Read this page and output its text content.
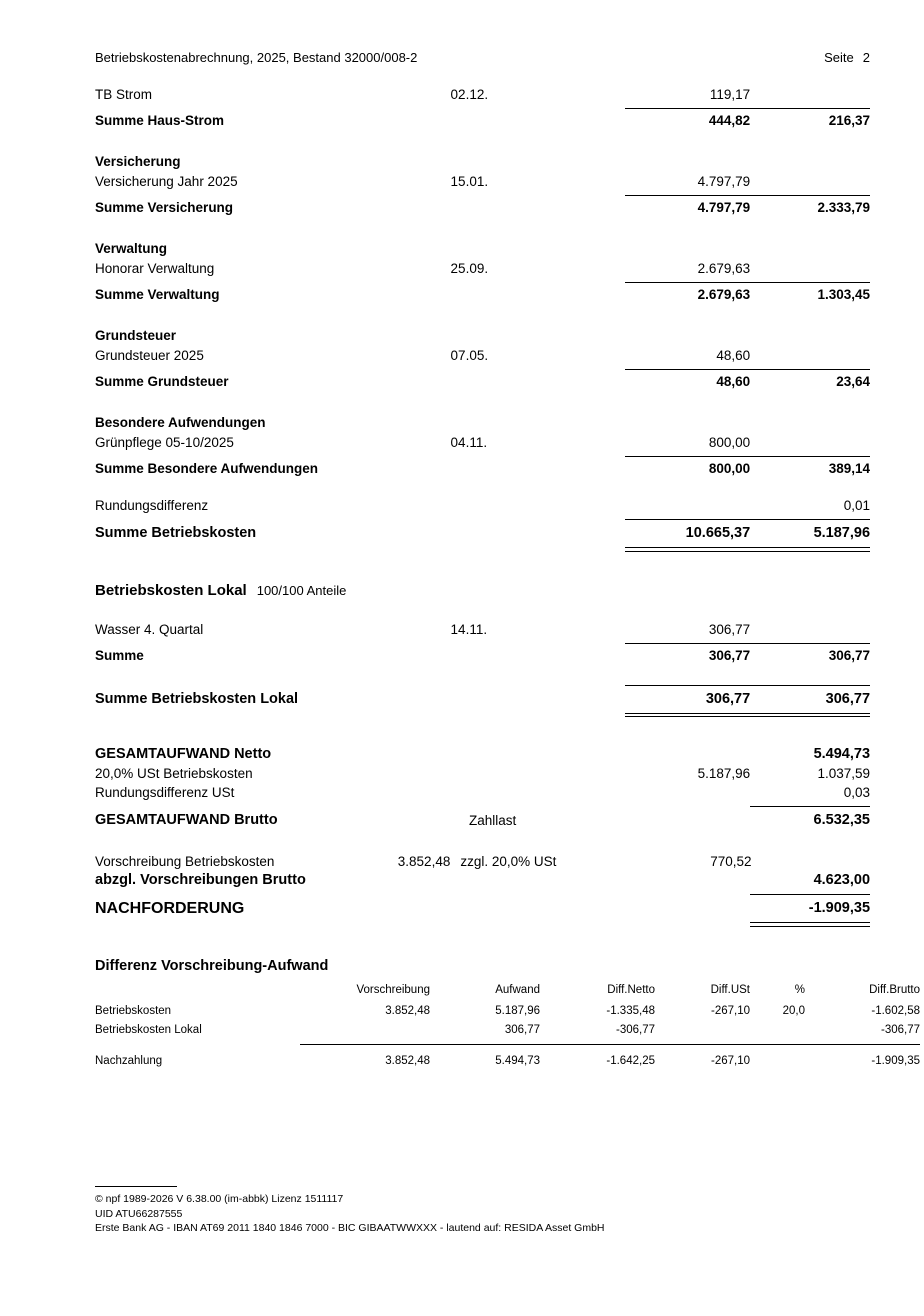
Betriebskostenabrechnung, 2025, Bestand 32000/008-2	Seite 2
TB Strom	02.12.	119,17
Summe Haus-Strom	444,82	216,37
Versicherung
Versicherung Jahr 2025	15.01.	4.797,79
Summe Versicherung	4.797,79	2.333,79
Verwaltung
Honorar Verwaltung	25.09.	2.679,63
Summe Verwaltung	2.679,63	1.303,45
Grundsteuer
Grundsteuer 2025	07.05.	48,60
Summe Grundsteuer	48,60	23,64
Besondere Aufwendungen
Grünpflege 05-10/2025	04.11.	800,00
Summe Besondere Aufwendungen	800,00	389,14
Rundungsdifferenz	0,01
Summe Betriebskosten	10.665,37	5.187,96
Betriebskosten Lokal 100/100 Anteile
Wasser 4. Quartal	14.11.	306,77
Summe	306,77	306,77
Summe Betriebskosten Lokal	306,77	306,77
GESAMTAUFWAND Netto	5.494,73
20,0% USt Betriebskosten	5.187,96	1.037,59
Rundungsdifferenz USt	0,03
GESAMTAUFWAND Brutto	Zahllast	6.532,35
Vorschreibung Betriebskosten	3.852,48 zzgl. 20,0% USt	770,52
abzgl. Vorschreibungen Brutto	4.623,00
NACHFORDERUNG	-1.909,35
Differenz Vorschreibung-Aufwand
	Vorschreibung	Aufwand	Diff.Netto	Diff.USt	%	Diff.Brutto
Betriebskosten	3.852,48	5.187,96	-1.335,48	-267,10	20,0	-1.602,58
Betriebskosten Lokal		306,77	-306,77			-306,77

Nachzahlung	3.852,48	5.494,73	-1.642,25	-267,10		-1.909,35
© npf 1989-2026 V 6.38.00 (im-abbk) Lizenz 1511117
UID ATU66287555
Erste Bank AG - IBAN AT69 2011 1840 1846 7000 - BIC GIBAATWWXXX - lautend auf: RESIDA Asset GmbH
